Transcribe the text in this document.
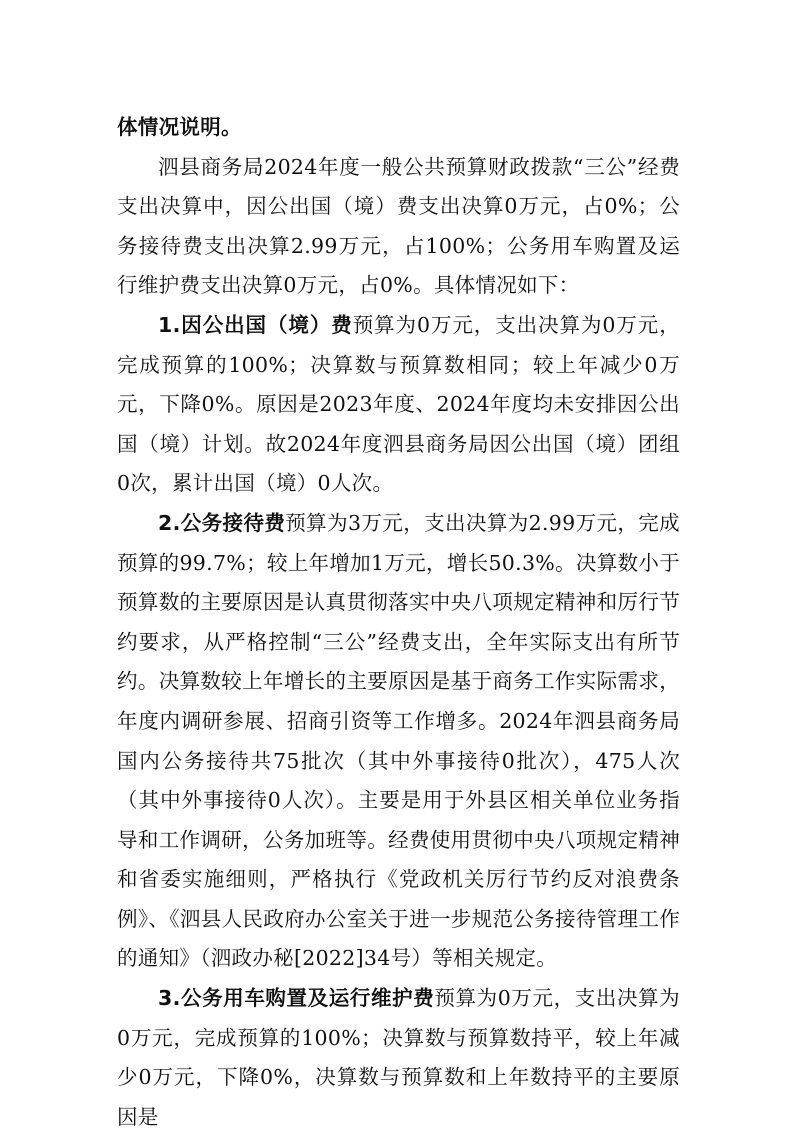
体情况说明。

泗县商务局2024年度一般公共预算财政拨款“三公”经费支出决算中，因公出国（境）费支出决算0万元，占0%；公务接待费支出决算2.99万元，占100%；公务用车购置及运行维护费支出决算0万元，占0%。具体情况如下：

1.因公出国（境）费预算为0万元，支出决算为0万元，完成预算的100%；决算数与预算数相同；较上年减少0万元，下降0%。原因是2023年度、2024年度均未安排因公出国（境）计划。故2024年度泗县商务局因公出国（境）团组0次，累计出国（境）0人次。

2.公务接待费预算为3万元，支出决算为2.99万元，完成预算的99.7%；较上年增加1万元，增长50.3%。决算数小于预算数的主要原因是认真贯彻落实中央八项规定精神和厉行节约要求，从严格控制“三公”经费支出，全年实际支出有所节约。决算数较上年增长的主要原因是基于商务工作实际需求，年度内调研参展、招商引资等工作增多。2024年泗县商务局国内公务接待共75批次（其中外事接待0批次），475人次（其中外事接待0人次）。主要是用于外县区相关单位业务指导和工作调研，公务加班等。经费使用贯彻中央八项规定精神和省委实施细则，严格执行《党政机关厉行节约反对浪费条例》、《泗县人民政府办公室关于进一步规范公务接待管理工作的通知》（泗政办秘[2022]34号）等相关规定。

3.公务用车购置及运行维护费预算为0万元，支出决算为0万元，完成预算的100%；决算数与预算数持平，较上年减少0万元，下降0%，决算数与预算数和上年数持平的主要原因是
